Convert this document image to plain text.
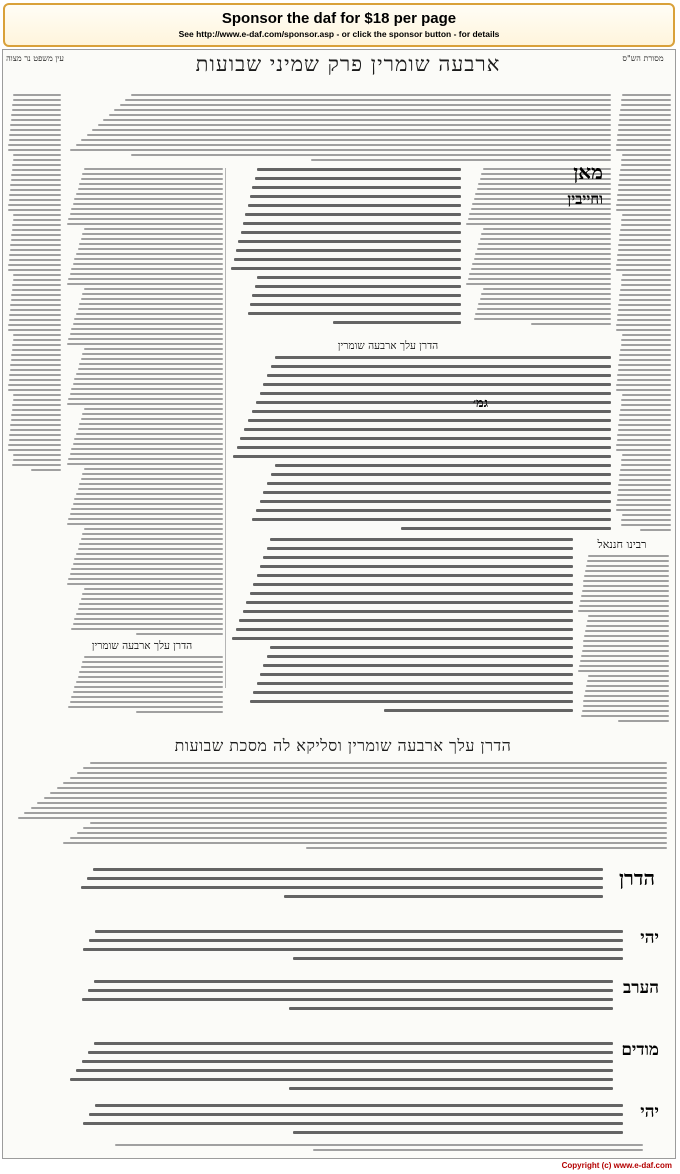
Sponsor the daf for $18 per page
See http://www.e-daf.com/sponsor.asp - or click the sponsor button - for details
עין משפט נר מצוה	ארבעה שומרין פרק שמיני שבועות	מסורת הש"ס
מאן
וחייבין
הדרן עלך ארבעה שומרין
גמ׳
רבינו חננאל
הדרן עלך ארבעה שומרין
הדרן עלך ארבעה שומרין וסליקא לה מסכת שבועות
הדרן
יהי
הערב
מודים
יהי
Copyright (c) www.e-daf.com
